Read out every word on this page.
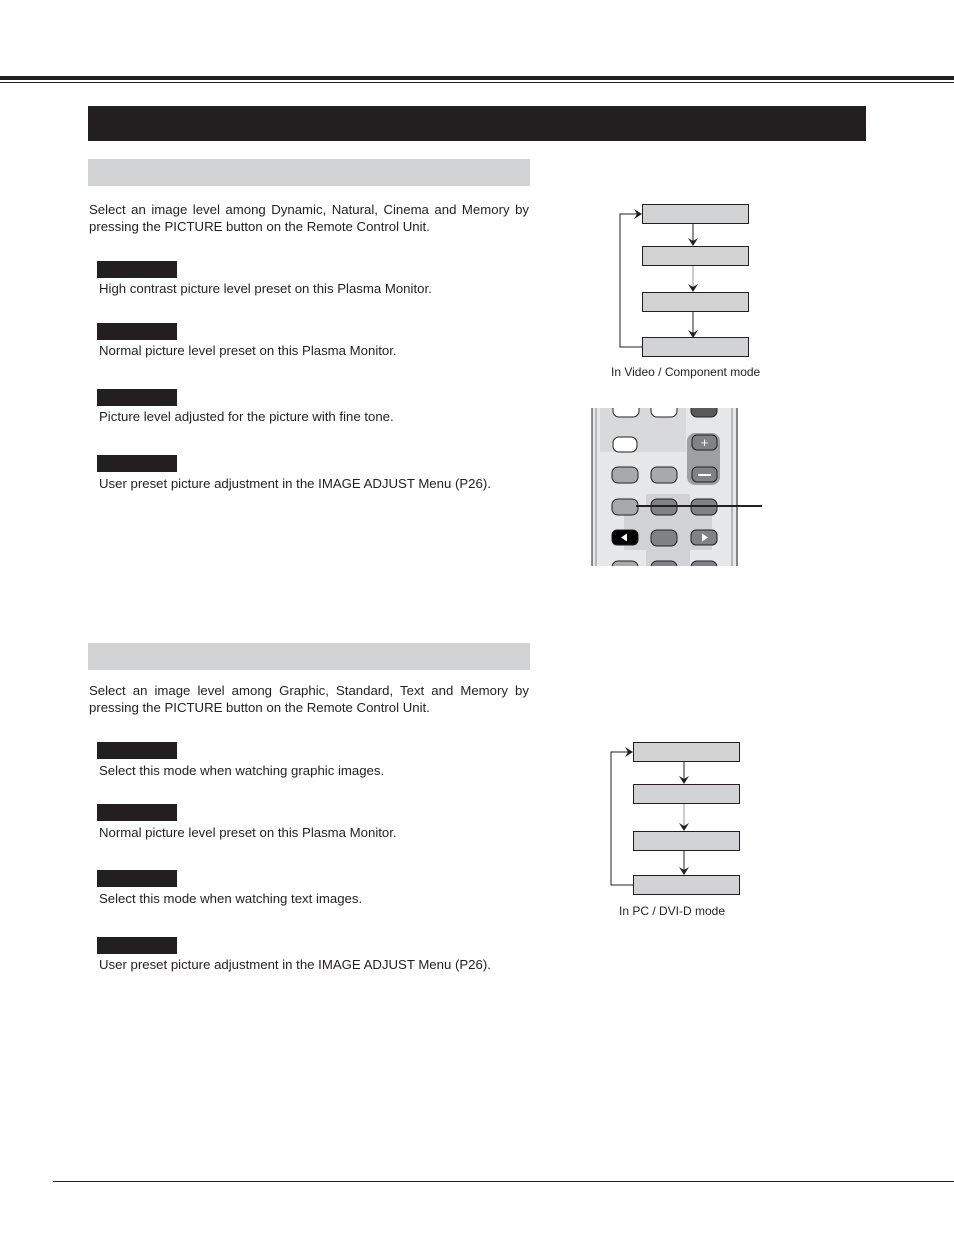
Select an image level among Dynamic, Natural, Cinema and Memory by pressing the PICTURE button on the Remote Control Unit.
High contrast picture level preset on this Plasma Monitor.
Normal picture level preset on this Plasma Monitor.
Picture level adjusted for the picture with fine tone.
User preset picture adjustment in the IMAGE ADJUST Menu (P26).
In Video / Component mode
+
Select an image level among Graphic, Standard, Text and Memory by pressing the PICTURE button on the Remote Control Unit.
Select this mode when watching graphic images.
Normal picture level preset on this Plasma Monitor.
Select this mode when watching text images.
User preset picture adjustment in the IMAGE ADJUST Menu (P26).
In PC / DVI-D mode
